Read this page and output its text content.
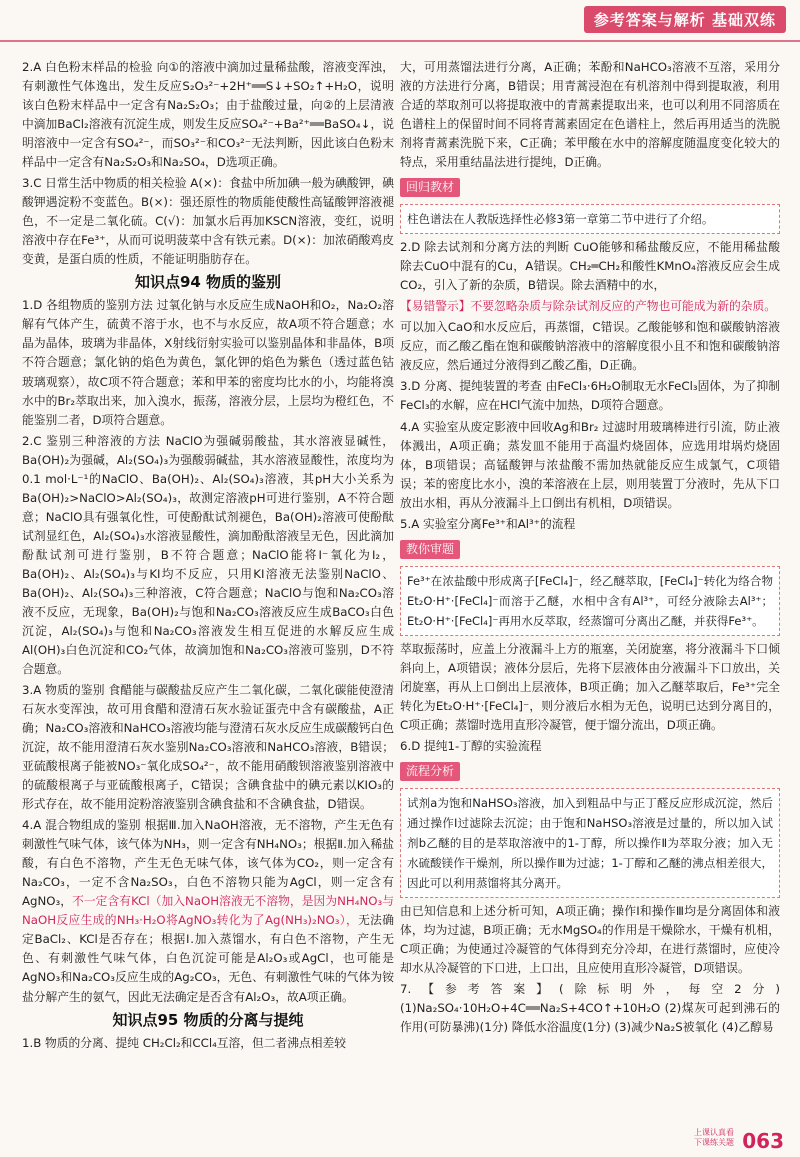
参考答案与解析 基础双练

2.A 白色粉末样品的检验 向①的溶液中滴加过量稀盐酸，溶液变浑浊，有刺激性气体逸出，发生反应S₂O₃²⁻+2H⁺══S↓+SO₂↑+H₂O，说明该白色粉末样品中一定含有Na₂S₂O₃；由于盐酸过量，向②的上层清液中滴加BaCl₂溶液有沉淀生成，则发生反应SO₄²⁻+Ba²⁺══BaSO₄↓，说明溶液中一定含有SO₄²⁻，而SO₃²⁻和CO₃²⁻无法判断，因此该白色粉末样品中一定含有Na₂S₂O₃和Na₂SO₄，D选项正确。

3.C 日常生活中物质的相关检验 A(×)：食盐中所加碘一般为碘酸钾，碘酸钾遇淀粉不变蓝色。B(×)：强还原性的物质能使酸性高锰酸钾溶液褪色，不一定是二氧化硫。C(√)：加氯水后再加KSCN溶液，变红，说明溶液中存在Fe³⁺，从而可说明菠菜中含有铁元素。D(×)：加浓硝酸鸡皮变黄，是蛋白质的性质，不能证明脂肪存在。

知识点94 物质的鉴别

1.D 各组物质的鉴别方法 过氧化钠与水反应生成NaOH和O₂，Na₂O₂溶解有气体产生，硫黄不溶于水，也不与水反应，故A项不符合题意；水晶为晶体，玻璃为非晶体，X射线衍射实验可以鉴别晶体和非晶体，B项不符合题意；氯化钠的焰色为黄色，氯化钾的焰色为紫色（透过蓝色钴玻璃观察），故C项不符合题意；苯和甲苯的密度均比水的小，均能将溴水中的Br₂萃取出来，加入溴水，振荡，溶液分层，上层均为橙红色，不能鉴别二者，D项符合题意。

2.C 鉴别三种溶液的方法 NaClO为强碱弱酸盐，其水溶液显碱性，Ba(OH)₂为强碱，Al₂(SO₄)₃为强酸弱碱盐，其水溶液显酸性，浓度均为0.1 mol·L⁻¹的NaClO、Ba(OH)₂、Al₂(SO₄)₃溶液，其pH大小关系为Ba(OH)₂>NaClO>Al₂(SO₄)₃，故测定溶液pH可进行鉴别，A不符合题意；NaClO具有强氧化性，可使酚酞试剂褪色，Ba(OH)₂溶液可使酚酞试剂显红色，Al₂(SO₄)₃水溶液显酸性，滴加酚酞溶液呈无色，因此滴加酚酞试剂可进行鉴别，B不符合题意；NaClO能将I⁻氧化为I₂，Ba(OH)₂、Al₂(SO₄)₃与KI均不反应，只用KI溶液无法鉴别NaClO、Ba(OH)₂、Al₂(SO₄)₃三种溶液，C符合题意；NaClO与饱和Na₂CO₃溶液不反应，无现象，Ba(OH)₂与饱和Na₂CO₃溶液反应生成BaCO₃白色沉淀，Al₂(SO₄)₃与饱和Na₂CO₃溶液发生相互促进的水解反应生成Al(OH)₃白色沉淀和CO₂气体，故滴加饱和Na₂CO₃溶液可鉴别，D不符合题意。

3.A 物质的鉴别 食醋能与碳酸盐反应产生二氧化碳，二氧化碳能使澄清石灰水变浑浊，故可用食醋和澄清石灰水验证蛋壳中含有碳酸盐，A正确；Na₂CO₃溶液和NaHCO₃溶液均能与澄清石灰水反应生成碳酸钙白色沉淀，故不能用澄清石灰水鉴别Na₂CO₃溶液和NaHCO₃溶液，B错误；亚硫酸根离子能被NO₃⁻氧化成SO₄²⁻，故不能用硝酸钡溶液鉴别溶液中的硫酸根离子与亚硫酸根离子，C错误；含碘食盐中的碘元素以KIO₃的形式存在，故不能用淀粉溶液鉴别含碘食盐和不含碘食盐，D错误。

4.A 混合物组成的鉴别 根据Ⅲ.加入NaOH溶液，无不溶物，产生无色有刺激性气味气体，该气体为NH₃，则一定含有NH₄NO₃；根据Ⅱ.加入稀盐酸，有白色不溶物，产生无色无味气体，该气体为CO₂，则一定含有Na₂CO₃，一定不含Na₂SO₃，白色不溶物只能为AgCl，则一定含有AgNO₃，不一定含有KCl（加入NaOH溶液无不溶物，是因为NH₄NO₃与NaOH反应生成的NH₃·H₂O将AgNO₃转化为了Ag(NH₃)₂NO₃），无法确定BaCl₂、KCl是否存在；根据Ⅰ.加入蒸馏水，有白色不溶物，产生无色、有刺激性气味气体，白色沉淀可能是Al₂O₃或AgCl，也可能是AgNO₃和Na₂CO₃反应生成的Ag₂CO₃，无色、有刺激性气味的气体为铵盐分解产生的氨气，因此无法确定是否含有Al₂O₃，故A项正确。

知识点95 物质的分离与提纯

1.B 物质的分离、提纯 CH₂Cl₂和CCl₄互溶，但二者沸点相差较

大，可用蒸馏法进行分离，A正确；苯酚和NaHCO₃溶液不互溶，采用分液的方法进行分离，B错误；用青蒿浸泡在有机溶剂中得到提取液，利用合适的萃取剂可以将提取液中的青蒿素提取出来，也可以利用不同溶质在色谱柱上的保留时间不同将青蒿素固定在色谱柱上，然后再用适当的洗脱剂将青蒿素洗脱下来，C正确；苯甲酸在水中的溶解度随温度变化较大的特点，采用重结晶法进行提纯，D正确。

回归教材
柱色谱法在人教版选择性必修3第一章第二节中进行了介绍。

2.D 除去试剂和分离方法的判断 CuO能够和稀盐酸反应，不能用稀盐酸除去CuO中混有的Cu，A错误。CH₂═CH₂和酸性KMnO₄溶液反应会生成CO₂，引入了新的杂质，B错误。除去酒精中的水，

【易错警示】不要忽略杂质与除杂试剂反应的产物也可能成为新的杂质。

可以加入CaO和水反应后，再蒸馏，C错误。乙酸能够和饱和碳酸钠溶液反应，而乙酸乙酯在饱和碳酸钠溶液中的溶解度很小且不和饱和碳酸钠溶液反应，然后通过分液得到乙酸乙酯，D正确。

3.D 分离、提纯装置的考查 由FeCl₃·6H₂O制取无水FeCl₃固体，为了抑制FeCl₃的水解，应在HCl气流中加热，D项符合题意。

4.A 实验室从废定影液中回收Ag和Br₂ 过滤时用玻璃棒进行引流，防止液体溅出，A项正确；蒸发皿不能用于高温灼烧固体，应选用坩埚灼烧固体，B项错误；高锰酸钾与浓盐酸不需加热就能反应生成氯气，C项错误；苯的密度比水小，溴的苯溶液在上层，则用装置丁分液时，先从下口放出水相，再从分液漏斗上口倒出有机相，D项错误。

5.A 实验室分离Fe³⁺和Al³⁺的流程

教你审题
Fe³⁺在浓盐酸中形成离子[FeCl₄]⁻，经乙醚萃取，[FeCl₄]⁻转化为络合物Et₂O·H⁺·[FeCl₄]⁻而溶于乙醚，水相中含有Al³⁺，可经分液除去Al³⁺；Et₂O·H⁺·[FeCl₄]⁻再用水反萃取，经蒸馏可分离出乙醚，并获得Fe³⁺。

萃取振荡时，应盖上分液漏斗上方的瓶塞，关闭旋塞，将分液漏斗下口倾斜向上，A项错误；液体分层后，先将下层液体由分液漏斗下口放出，关闭旋塞，再从上口倒出上层液体，B项正确；加入乙醚萃取后，Fe³⁺完全转化为Et₂O·H⁺·[FeCl₄]⁻，则分液后水相为无色，说明已达到分离目的，C项正确；蒸馏时选用直形冷凝管，便于馏分流出，D项正确。

6.D 提纯1-丁醇的实验流程

流程分析
试剂a为饱和NaHSO₃溶液，加入到粗品中与正丁醛反应形成沉淀，然后通过操作Ⅰ过滤除去沉淀；由于饱和NaHSO₃溶液是过量的，所以加入试剂b乙醚的目的是萃取溶液中的1-丁醇，所以操作Ⅱ为萃取分液；加入无水硫酸镁作干燥剂，所以操作Ⅲ为过滤；1-丁醇和乙醚的沸点相差很大，因此可以利用蒸馏将其分离开。

由已知信息和上述分析可知，A项正确；操作Ⅰ和操作Ⅲ均是分离固体和液体，均为过滤，B项正确；无水MgSO₄的作用是干燥除水，干燥有机相，C项正确；为使通过冷凝管的气体得到充分冷却，在进行蒸馏时，应使冷却水从冷凝管的下口进，上口出，且应使用直形冷凝管，D项错误。

7.【参考答案】(除标明外，每空2分)(1)Na₂SO₄·10H₂O+4C══Na₂S+4CO↑+10H₂O (2)煤灰可起到沸石的作用(可防暴沸)(1分) 降低水浴温度(1分) (3)减少Na₂S被氧化 (4)乙醇易

上课认真看
下课练关题 063
